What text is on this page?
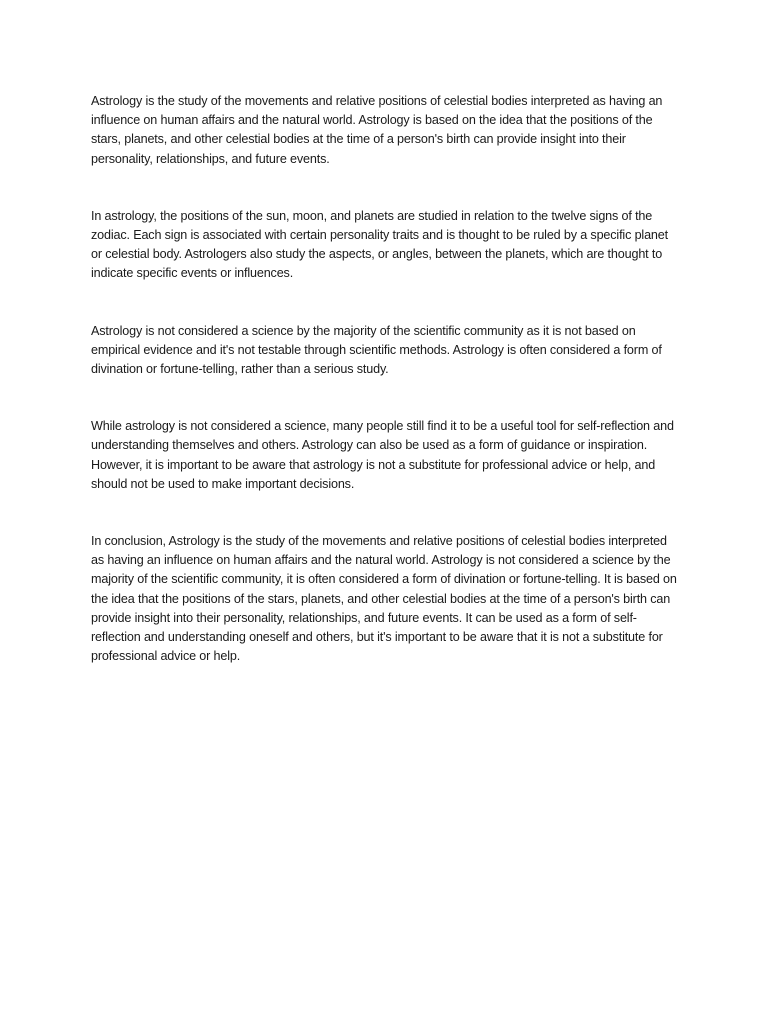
Astrology is the study of the movements and relative positions of celestial bodies interpreted as having an influence on human affairs and the natural world. Astrology is based on the idea that the positions of the stars, planets, and other celestial bodies at the time of a person's birth can provide insight into their personality, relationships, and future events.

In astrology, the positions of the sun, moon, and planets are studied in relation to the twelve signs of the zodiac. Each sign is associated with certain personality traits and is thought to be ruled by a specific planet or celestial body. Astrologers also study the aspects, or angles, between the planets, which are thought to indicate specific events or influences.

Astrology is not considered a science by the majority of the scientific community as it is not based on empirical evidence and it's not testable through scientific methods. Astrology is often considered a form of divination or fortune-telling, rather than a serious study.

While astrology is not considered a science, many people still find it to be a useful tool for self-reflection and understanding themselves and others. Astrology can also be used as a form of guidance or inspiration. However, it is important to be aware that astrology is not a substitute for professional advice or help, and should not be used to make important decisions.

In conclusion, Astrology is the study of the movements and relative positions of celestial bodies interpreted as having an influence on human affairs and the natural world. Astrology is not considered a science by the majority of the scientific community, it is often considered a form of divination or fortune-telling. It is based on the idea that the positions of the stars, planets, and other celestial bodies at the time of a person's birth can provide insight into their personality, relationships, and future events. It can be used as a form of self-reflection and understanding oneself and others, but it's important to be aware that it is not a substitute for professional advice or help.
